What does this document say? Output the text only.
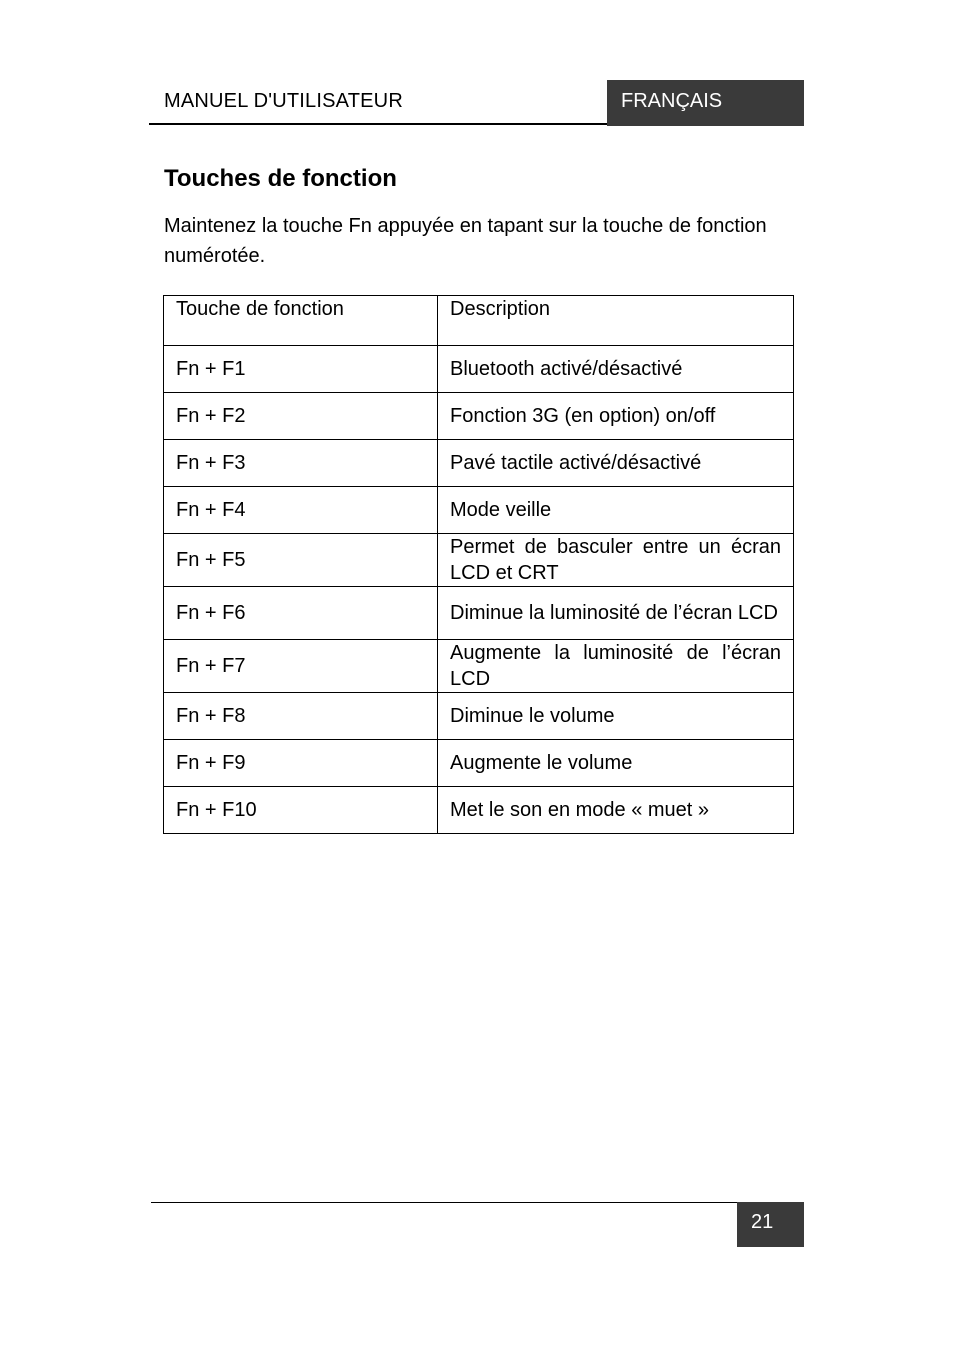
MANUEL D'UTILISATEUR	FRANÇAIS
Touches de fonction

Maintenez la touche Fn appuyée en tapant sur la touche de fonction numérotée.

Touche de fonction	Description
Fn + F1	Bluetooth activé/désactivé
Fn + F2	Fonction 3G (en option) on/off
Fn + F3	Pavé tactile activé/désactivé
Fn + F4	Mode veille
Fn + F5	Permet de basculer entre un écran LCD et CRT
Fn + F6	Diminue la luminosité de l’écran LCD
Fn + F7	Augmente la luminosité de l’écran LCD
Fn + F8	Diminue le volume
Fn + F9	Augmente le volume
Fn + F10	Met le son en mode « muet »
21
